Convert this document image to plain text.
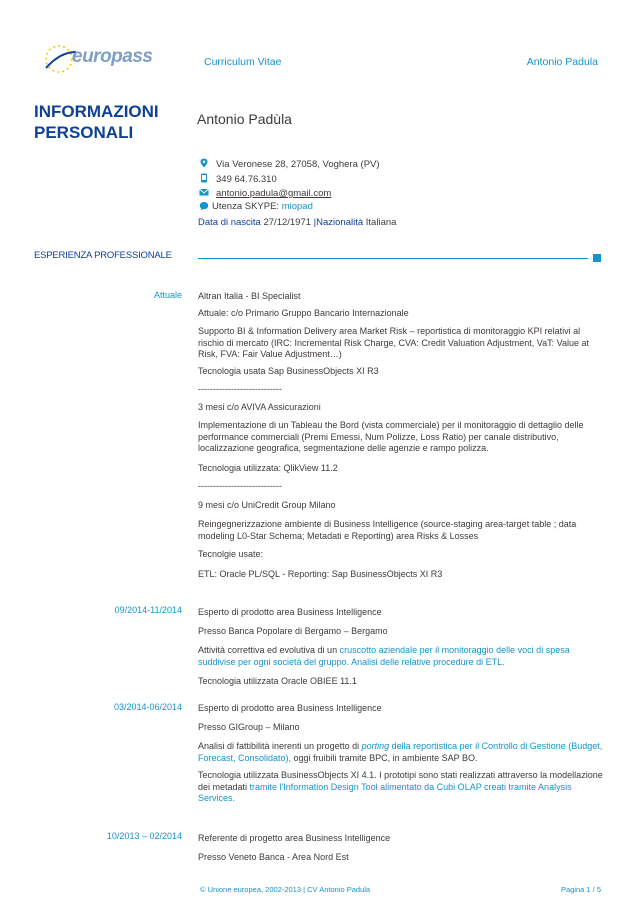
europass	Curriculum Vitae	Antonio Padula
INFORMAZIONI PERSONALI
Antonio Padùla
Via Veronese 28, 27058, Voghera (PV)
349 64.76.310
antonio.padula@gmail.com
Utenza SKYPE: miopad
Data di nascita 27/12/1971 |Nazionalità Italiana
ESPERIENZA PROFESSIONALE
Attuale Altran Italia - BI Specialist

Attuale: c/o Primario Gruppo Bancario Internazionale

Supporto BI & Information Delivery area Market Risk – reportistica di monitoraggio KPI relativi al rischio di mercato (IRC: Incremental Risk Charge, CVA: Credit Valuation Adjustment, VaT: Value at Risk, FVA: Fair Value Adjustment…)

Tecnologia usata Sap BusinessObjects XI R3

----------------------------

3 mesi c/o AVIVA Assicurazioni

Implementazione di un Tableau the Bord (vista commerciale) per il monitoraggio di dettaglio delle performance commerciali (Premi Emessi, Num Polizze, Loss Ratio) per canale distributivo, localizzazione geografica, segmentazione delle agenzie e rampo polizza.

Tecnologia utilizzata: QlikView 11.2

----------------------------

9 mesi c/o UniCredit Group Milano

Reingegnerizzazione ambiente di Business Intelligence (source-staging area-target table ; data modeling L0-Star Schema; Metadati e Reporting) area Risks & Losses

Tecnolgie usate:

ETL: Oracle PL/SQL - Reporting: Sap BusinessObjects XI R3

09/2014-11/2014 Esperto di prodotto area Business Intelligence

Presso Banca Popolare di Bergamo – Bergamo

Attività correttiva ed evolutiva di un cruscotto aziendale per il monitoraggio delle voci di spesa suddivise per ogni società del gruppo. Analisi delle relative procedure di ETL.

Tecnologia utilizzata Oracle OBIEE 11.1

03/2014-06/2014 Esperto di prodotto area Business Intelligence

Presso GIGroup – Milano

Analisi di fattibilità inerenti un progetto di porting della reportistica per il Controllo di Gestione (Budget, Forecast, Consolidato), oggi fruibili tramite BPC, in ambiente SAP BO.

Tecnologia utilizzata BusinessObjects XI 4.1. I prototipi sono stati realizzati attraverso la modellazione dei metadati tramite l'Information Design Tool alimentato da Cubi OLAP creati tramite Analysis Services.

10/2013 – 02/2014 Referente di progetto area Business Intelligence

Presso Veneto Banca - Area Nord Est

© Unione europea, 2002-2013 | CV Antonio Padula	Pagina 1 / 5
